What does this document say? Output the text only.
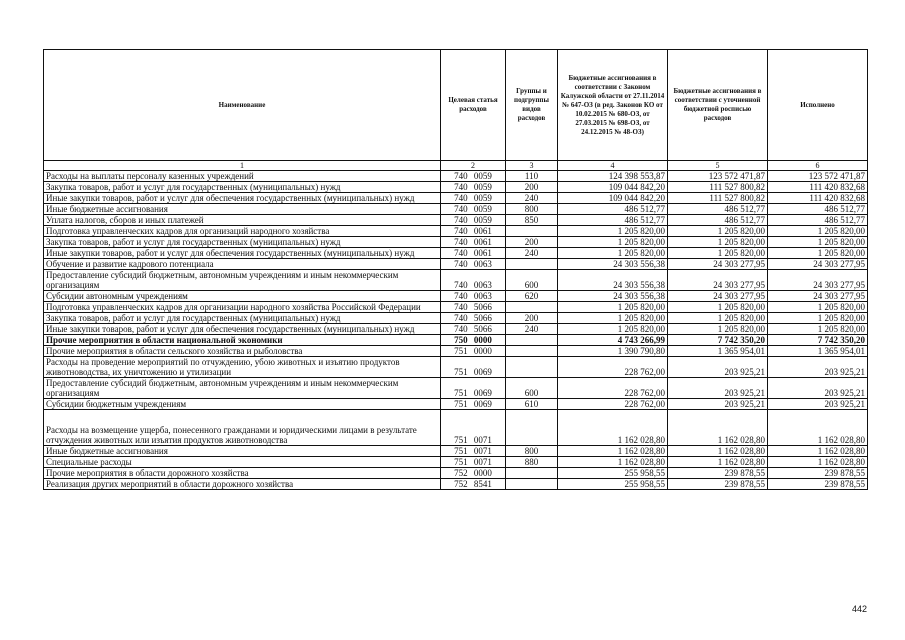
Наименование	Целевая статья расходов	Группы и подгруппы видов расходов	Бюджетные ассигнования в соответствии с Законом Калужской области от 27.11.2014 № 647-ОЗ (в ред. Законов КО от 10.02.2015 № 680-ОЗ, от 27.03.2015 № 698-ОЗ, от 24.12.2015 № 48-ОЗ)	Бюджетные ассигнования в соответствии с уточненной бюджетной росписью расходов	Исполнено
1	2	3	4	5	6
Расходы на выплаты персоналу казенных учреждений	740 0059	110	124 398 553,87	123 572 471,87	123 572 471,87
Закупка товаров, работ и услуг для государственных (муниципальных) нужд	740 0059	200	109 044 842,20	111 527 800,82	111 420 832,68
Иные закупки товаров, работ и услуг для обеспечения государственных (муниципальных) нужд	740 0059	240	109 044 842,20	111 527 800,82	111 420 832,68
Иные бюджетные ассигнования	740 0059	800	486 512,77	486 512,77	486 512,77
Уплата налогов, сборов и иных платежей	740 0059	850	486 512,77	486 512,77	486 512,77
Подготовка управленческих кадров для организаций народного хозяйства	740 0061		1 205 820,00	1 205 820,00	1 205 820,00
Закупка товаров, работ и услуг для государственных (муниципальных) нужд	740 0061	200	1 205 820,00	1 205 820,00	1 205 820,00
Иные закупки товаров, работ и услуг для обеспечения государственных (муниципальных) нужд	740 0061	240	1 205 820,00	1 205 820,00	1 205 820,00
Обучение и развитие кадрового потенциала	740 0063		24 303 556,38	24 303 277,95	24 303 277,95
Предоставление субсидий бюджетным, автономным учреждениям и иным некоммерческим организациям	740 0063	600	24 303 556,38	24 303 277,95	24 303 277,95
Субсидии автономным учреждениям	740 0063	620	24 303 556,38	24 303 277,95	24 303 277,95
Подготовка управленческих кадров для организации народного хозяйства Российской Федерации	740 5066		1 205 820,00	1 205 820,00	1 205 820,00
Закупка товаров, работ и услуг для государственных (муниципальных) нужд	740 5066	200	1 205 820,00	1 205 820,00	1 205 820,00
Иные закупки товаров, работ и услуг для обеспечения государственных (муниципальных) нужд	740 5066	240	1 205 820,00	1 205 820,00	1 205 820,00
Прочие мероприятия в области национальной экономики	750 0000		4 743 266,99	7 742 350,20	7 742 350,20
Прочие мероприятия в области сельского хозяйства и рыболовства	751 0000		1 390 790,80	1 365 954,01	1 365 954,01
Расходы на проведение мероприятий по отчуждению, убою животных и изъятию продуктов животноводства, их уничтожению и утилизации	751 0069		228 762,00	203 925,21	203 925,21
Предоставление субсидий бюджетным, автономным учреждениям и иным некоммерческим организациям	751 0069	600	228 762,00	203 925,21	203 925,21
Субсидии бюджетным учреждениям	751 0069	610	228 762,00	203 925,21	203 925,21
Расходы на возмещение ущерба, понесенного гражданами и юридическими лицами в результате отчуждения животных или изъятия продуктов животноводства	751 0071		1 162 028,80	1 162 028,80	1 162 028,80
Иные бюджетные ассигнования	751 0071	800	1 162 028,80	1 162 028,80	1 162 028,80
Специальные расходы	751 0071	880	1 162 028,80	1 162 028,80	1 162 028,80
Прочие мероприятия в области дорожного хозяйства	752 0000		255 958,55	239 878,55	239 878,55
Реализация других мероприятий в области дорожного хозяйства	752 8541		255 958,55	239 878,55	239 878,55
442
